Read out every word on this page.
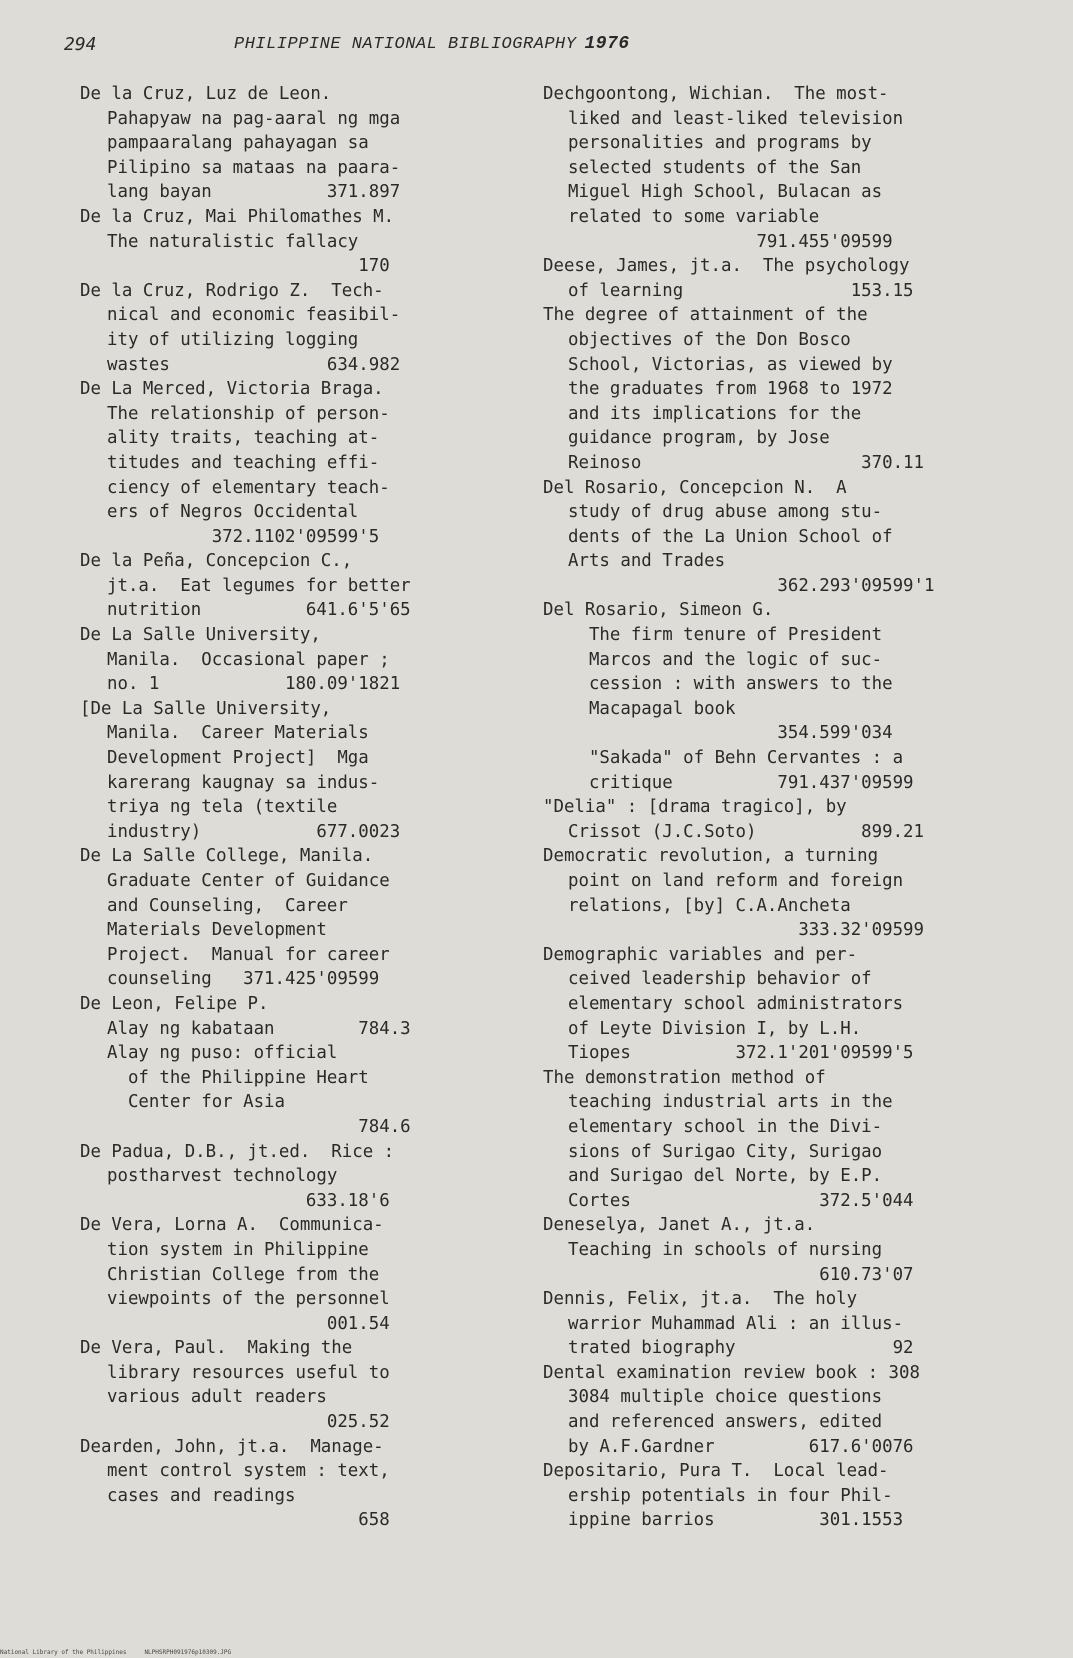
294	PHILIPPINE NATIONAL BIBLIOGRAPHY 1976
De la Cruz, Luz de Leon.
Pahapyaw na pag-aaral ng mga
pampaaralang pahayagan sa
Pilipino sa mataas na paara-
lang bayan           371.897
De la Cruz, Mai Philomathes M.
The naturalistic fallacy
170
De la Cruz, Rodrigo Z.  Tech-
nical and economic feasibil-
ity of utilizing logging
wastes               634.982
De La Merced, Victoria Braga.
The relationship of person-
ality traits, teaching at-
titudes and teaching effi-
ciency of elementary teach-
ers of Negros Occidental
372.1102'09599'5
De la Peña, Concepcion C.,
jt.a.  Eat legumes for better
nutrition          641.6'5'65
De La Salle University,
Manila.  Occasional paper ;
no. 1            180.09'1821
[De La Salle University,
Manila.  Career Materials
Development Project]  Mga
karerang kaugnay sa indus-
triya ng tela (textile
industry)           677.0023
De La Salle College, Manila.
Graduate Center of Guidance
and Counseling,  Career
Materials Development
Project.  Manual for career
counseling   371.425'09599
De Leon, Felipe P.
Alay ng kabataan        784.3
Alay ng puso: official
of the Philippine Heart
Center for Asia
784.6
De Padua, D.B., jt.ed.  Rice :
postharvest technology
633.18'6
De Vera, Lorna A.  Communica-
tion system in Philippine
Christian College from the
viewpoints of the personnel
001.54
De Vera, Paul.  Making the
library resources useful to
various adult readers
025.52
Dearden, John, jt.a.  Manage-
ment control system : text,
cases and readings
658
Dechgoontong, Wichian.  The most-
liked and least-liked television
personalities and programs by
selected students of the San
Miguel High School, Bulacan as
related to some variable
791.455'09599
Deese, James, jt.a.  The psychology
of learning                153.15
The degree of attainment of the
objectives of the Don Bosco
School, Victorias, as viewed by
the graduates from 1968 to 1972
and its implications for the
guidance program, by Jose
Reinoso                     370.11
Del Rosario, Concepcion N.  A
study of drug abuse among stu-
dents of the La Union School of
Arts and Trades
362.293'09599'1
Del Rosario, Simeon G.
The firm tenure of President
Marcos and the logic of suc-
cession : with answers to the
Macapagal book
354.599'034
"Sakada" of Behn Cervantes : a
critique          791.437'09599
"Delia" : [drama tragico], by
Crissot (J.C.Soto)          899.21
Democratic revolution, a turning
point on land reform and foreign
relations, [by] C.A.Ancheta
333.32'09599
Demographic variables and per-
ceived leadership behavior of
elementary school administrators
of Leyte Division I, by L.H.
Tiopes          372.1'201'09599'5
The demonstration method of
teaching industrial arts in the
elementary school in the Divi-
sions of Surigao City, Surigao
and Surigao del Norte, by E.P.
Cortes                  372.5'044
Deneselya, Janet A., jt.a.
Teaching in schools of nursing
610.73'07
Dennis, Felix, jt.a.  The holy
warrior Muhammad Ali : an illus-
trated biography               92
Dental examination review book : 308
3084 multiple choice questions
and referenced answers, edited
by A.F.Gardner         617.6'0076
Depositario, Pura T.  Local lead-
ership potentials in four Phil-
ippine barrios          301.1553
National Library of the Philippines	NLPHSRPH091976p10309.JPG
